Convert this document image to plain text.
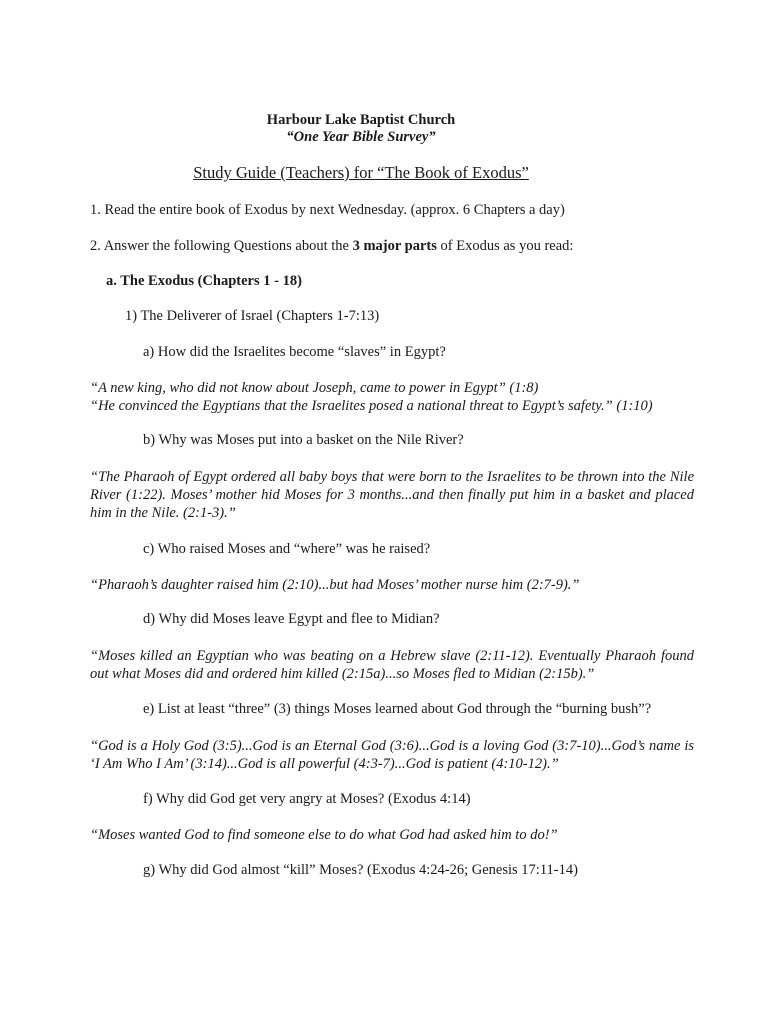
Harbour Lake Baptist Church
“One Year Bible Survey”
Study Guide (Teachers) for “The Book of Exodus”
1. Read the entire book of Exodus by next Wednesday. (approx. 6 Chapters a day)
2. Answer the following Questions about the 3 major parts of Exodus as you read:
a. The Exodus (Chapters 1 - 18)
1) The Deliverer of Israel (Chapters 1-7:13)
a) How did the Israelites become “slaves” in Egypt?
“A new king, who did not know about Joseph, came to power in Egypt” (1:8)
“He convinced the Egyptians that the Israelites posed a national threat to Egypt’s safety.” (1:10)
b) Why was Moses put into a basket on the Nile River?
“The Pharaoh of Egypt ordered all baby boys that were born to the Israelites to be thrown into the Nile River (1:22). Moses’ mother hid Moses for 3 months...and then finally put him in a basket and placed him in the Nile. (2:1-3).”
c) Who raised Moses and “where” was he raised?
“Pharaoh’s daughter raised him (2:10)...but had Moses’ mother nurse him (2:7-9).”
d) Why did Moses leave Egypt and flee to Midian?
“Moses killed an Egyptian who was beating on a Hebrew slave (2:11-12). Eventually Pharaoh found out what Moses did and ordered him killed (2:15a)...so Moses fled to Midian (2:15b).”
e) List at least “three” (3) things Moses learned about God through the “burning bush”?
“God is a Holy God (3:5)...God is an Eternal God (3:6)...God is a loving God (3:7-10)...God’s name is ‘I Am Who I Am’ (3:14)...God is all powerful (4:3-7)...God is patient (4:10-12).”
f) Why did God get very angry at Moses? (Exodus 4:14)
“Moses wanted God to find someone else to do what God had asked him to do!”
g) Why did God almost “kill” Moses? (Exodus 4:24-26; Genesis 17:11-14)
